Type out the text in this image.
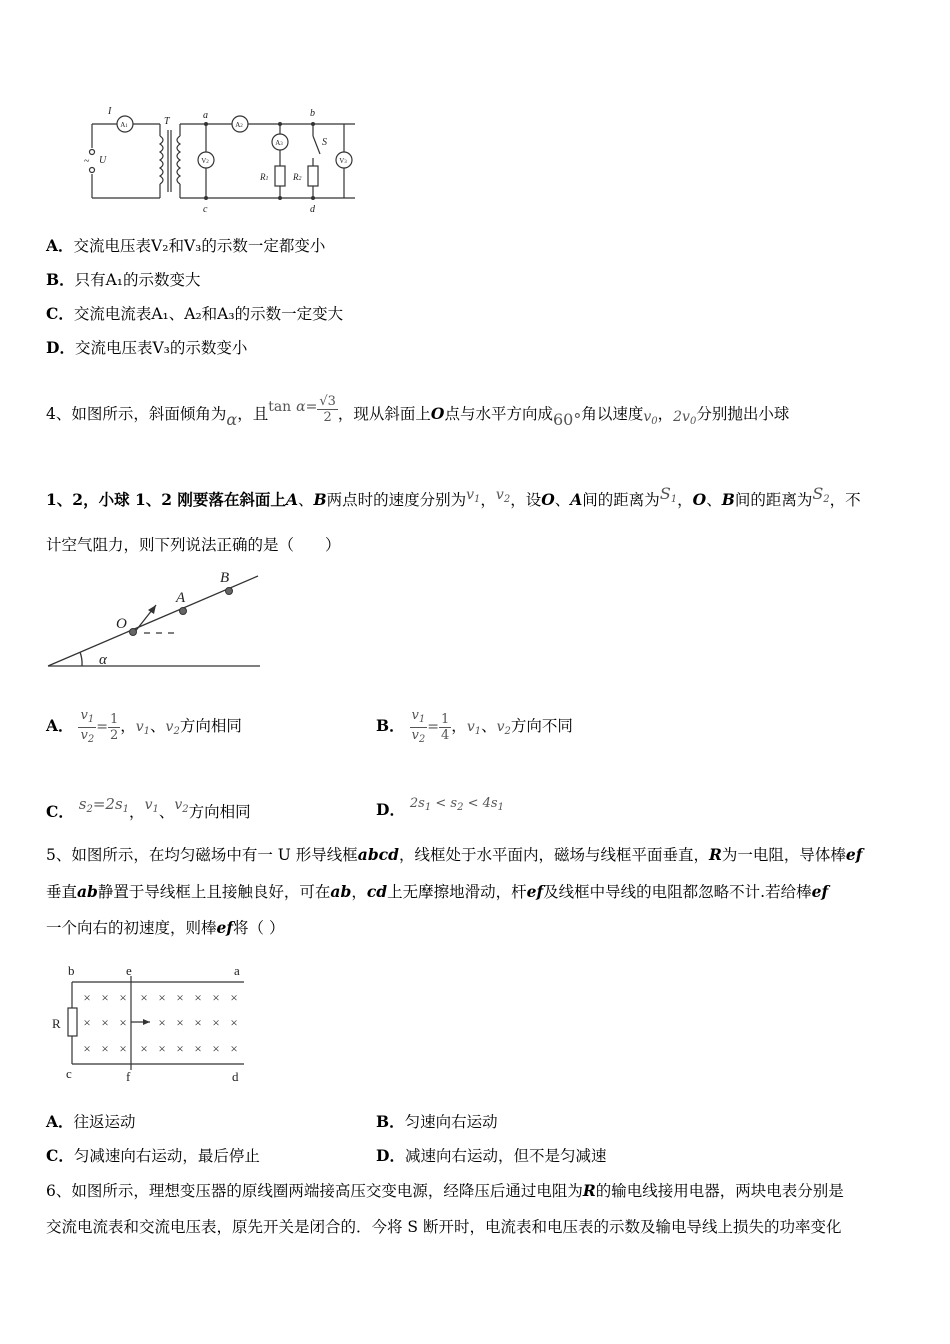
I
T
a	b
c	d
S
U
~
A1	A2
A3
V2	V3
R1	R2
A．交流电压表V₂和V₃的示数一定都变小
B．只有A₁的示数变大
C．交流电流表A₁、A₂和A₃的示数一定变大
D．交流电压表V₃的示数变小
4、如图所示，斜面倾角为α，且$\tan \alpha= \frac{√3}{2}$ ，现从斜面上O点与水平方向成60°角以速度$v_0$，$2v_0$分别抛出小球
1、2，小球 1、2 刚要落在斜面上A、B两点时的速度分别为$v_1$，$v_2$，设O、A间的距离为$S_1$，O、B间的距离为$S_2$，不
计空气阻力，则下列说法正确的是（　　）
B
A
O
α
A． $\frac{v_1}{v_2} = \frac{1}{2}$ ，$v_1$、$v_2$方向相同	B． $\frac{v_1}{v_2} = \frac{1}{4}$ ，$v_1$、$v_2$方向不同
C． $s_2=2s_1$，$v_1$、$v_2$方向相同	D． $^{2s_1 < s_2 < 4s_1}$
5、如图所示，在均匀磁场中有一 U 形导线框abcd，线框处于水平面内，磁场与线框平面垂直，R为一电阻，导体棒ef
垂直ab静置于导线框上且接触良好，可在ab，cd上无摩擦地滑动，杆ef及线框中导线的电阻都忽略不计.若给棒ef
一个向右的初速度，则棒ef将（ ）
× × × × × × × × ×
× × × × × × × ×
× × × × × × × × ×
b	e	a
R
c	f	d
A．往返运动	B．匀速向右运动
C．匀减速向右运动，最后停止	D．减速向右运动，但不是匀减速
6、如图所示，理想变压器的原线圈两端接高压交变电源，经降压后通过电阻为R的输电线接用电器，两块电表分别是
交流电流表和交流电压表，原先开关是闭合的．今将 S 断开时，电流表和电压表的示数及输电导线上损失的功率变化
